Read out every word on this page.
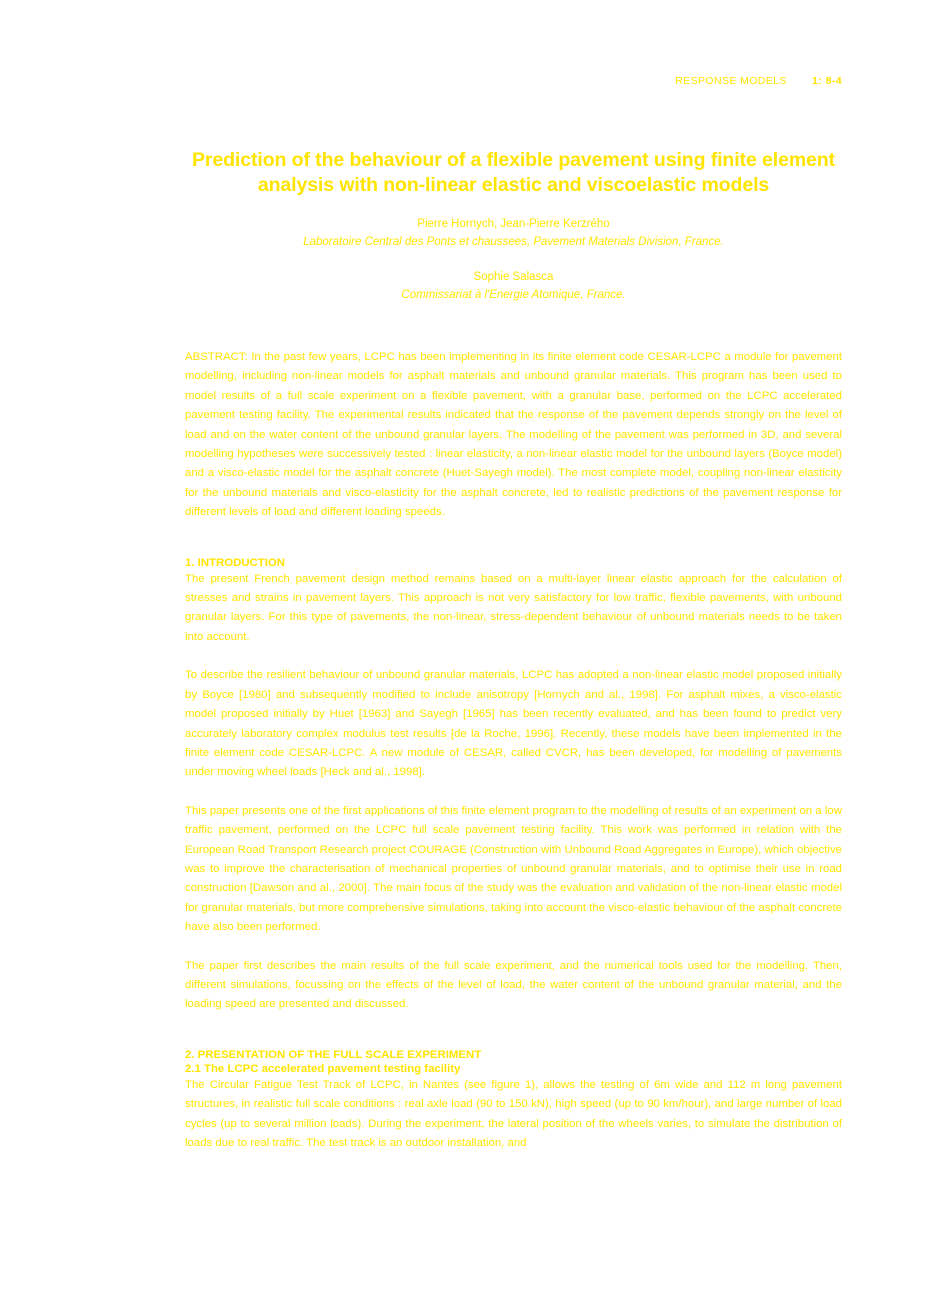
RESPONSE MODELS 1: 8-4
Prediction of the behaviour of a flexible pavement using finite element analysis with non-linear elastic and viscoelastic models
Pierre Hornych, Jean-Pierre Kerzrého
Laboratoire Central des Ponts et chaussees, Pavement Materials Division, France.
Sophie Salasca
Commissariat à l'Energie Atomique, France.
ABSTRACT: In the past few years, LCPC has been implementing in its finite element code CESAR-LCPC a module for pavement modelling, including non-linear models for asphalt materials and unbound granular materials. This program has been used to model results of a full scale experiment on a flexible pavement, with a granular base, performed on the LCPC accelerated pavement testing facility. The experimental results indicated that the response of the pavement depends strongly on the level of load and on the water content of the unbound granular layers. The modelling of the pavement was performed in 3D, and several modelling hypotheses were successively tested : linear elasticity, a non-linear elastic model for the unbound layers (Boyce model) and a visco-elastic model for the asphalt concrete (Huet-Sayegh model). The most complete model, coupling non-linear elasticity for the unbound materials and visco-elasticity for the asphalt concrete, led to realistic predictions of the pavement response for different levels of load and different loading speeds.
1. INTRODUCTION

The present French pavement design method remains based on a multi-layer linear elastic approach for the calculation of stresses and strains in pavement layers. This approach is not very satisfactory for low traffic, flexible pavements, with unbound granular layers. For this type of pavements, the non-linear, stress-dependent behaviour of unbound materials needs to be taken into account.

To describe the resilient behaviour of unbound granular materials, LCPC has adopted a non-linear elastic model proposed initially by Boyce [1980] and subsequently modified to include anisotropy [Hornych and al., 1998]. For asphalt mixes, a visco-elastic model proposed initially by Huet [1963] and Sayegh [1965] has been recently evaluated, and has been found to predict very accurately laboratory complex modulus test results [de la Roche, 1996]. Recently, these models have been implemented in the finite element code CESAR-LCPC. A new module of CESAR, called CVCR, has been developed, for modelling of pavements under moving wheel loads [Heck and al., 1998].

This paper presents one of the first applications of this finite element program to the modelling of results of an experiment on a low traffic pavement, performed on the LCPC full scale pavement testing facility. This work was performed in relation with the European Road Transport Research project COURAGE (Construction with Unbound Road Aggregates in Europe), which objective was to improve the characterisation of mechanical properties of unbound granular materials, and to optimise their use in road construction [Dawson and al., 2000]. The main focus of the study was the evaluation and validation of the non-linear elastic model for granular materials, but more comprehensive simulations, taking into account the visco-elastic behaviour of the asphalt concrete have also been performed.

The paper first describes the main results of the full scale experiment, and the numerical tools used for the modelling. Then, different simulations, focussing on the effects of the level of load, the water content of the unbound granular material, and the loading speed are presented and discussed.

2. PRESENTATION OF THE FULL SCALE EXPERIMENT
2.1 The LCPC accelerated pavement testing facility

The Circular Fatigue Test Track of LCPC, in Nantes (see figure 1), allows the testing of 6m wide and 112 m long pavement structures, in realistic full scale conditions : real axle load (90 to 150 kN), high speed (up to 90 km/hour), and large number of load cycles (up to several million loads). During the experiment, the lateral position of the wheels varies, to simulate the distribution of loads due to real traffic. The test track is an outdoor installation, and
